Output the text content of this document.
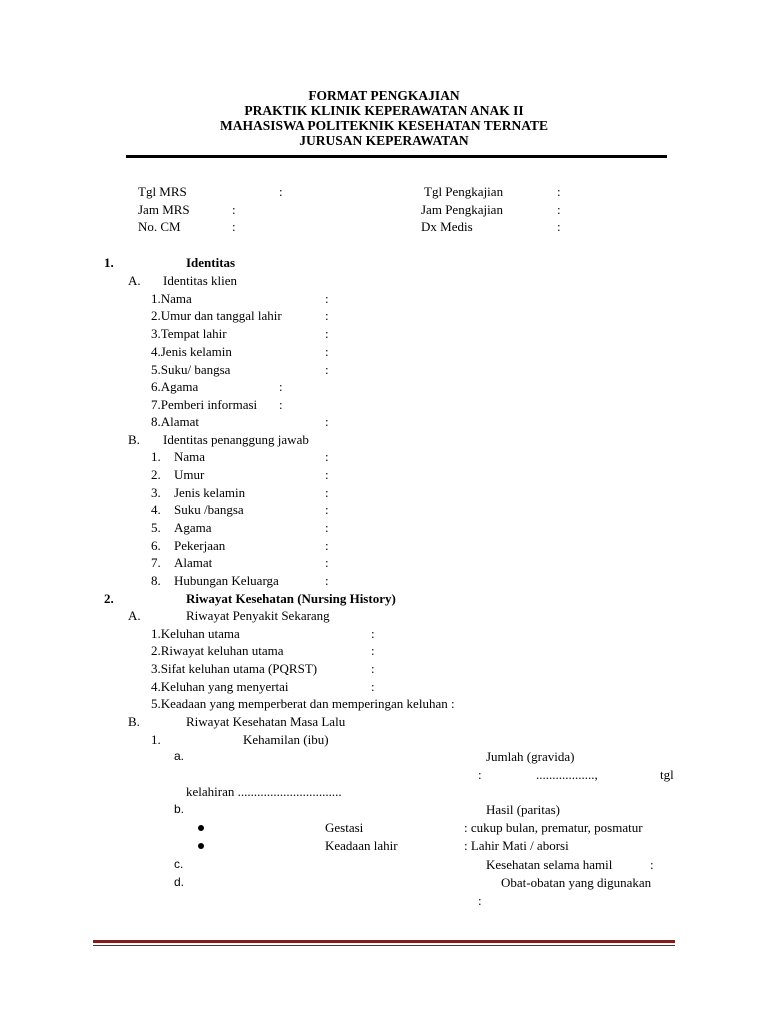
FORMAT PENGKAJIAN
PRAKTIK KLINIK KEPERAWATAN ANAK II
MAHASISWA POLITEKNIK KESEHATAN TERNATE
JURUSAN KEPERAWATAN
Tgl MRS	:	Tgl Pengkajian	:
Jam MRS	:	Jam Pengkajian	:
No. CM	:	Dx Medis	:
1.	Identitas
A. Identitas klien
1.Nama	:
2.Umur dan tanggal lahir	:
3.Tempat lahir	:
4.Jenis kelamin	:
5.Suku/ bangsa	:
6.Agama	:
7.Pemberi informasi :
8.Alamat	:
B. Identitas penanggung jawab
1. Nama	:
2. Umur	:
3. Jenis kelamin	:
4. Suku /bangsa	:
5. Agama	:
6. Pekerjaan	:
7. Alamat	:
8. Hubungan Keluarga	:
2.	Riwayat Kesehatan (Nursing History)
A.	Riwayat Penyakit Sekarang
1.Keluhan utama	:
2.Riwayat keluhan utama	:
3.Sifat keluhan utama (PQRST)	:
4.Keluhan yang menyertai	:
5.Keadaan yang memperberat dan memperingan keluhan :
B.	Riwayat Kesehatan Masa Lalu
1.	Kehamilan (ibu)
a.	Jumlah (gravida)
:	..................,	tgl
kelahiran ................................
b.	Hasil (paritas)
Gestasi	: cukup bulan, prematur, posmatur
Keadaan lahir	: Lahir Mati / aborsi
c.	Kesehatan selama hamil	:
d.	Obat-obatan yang digunakan
:
